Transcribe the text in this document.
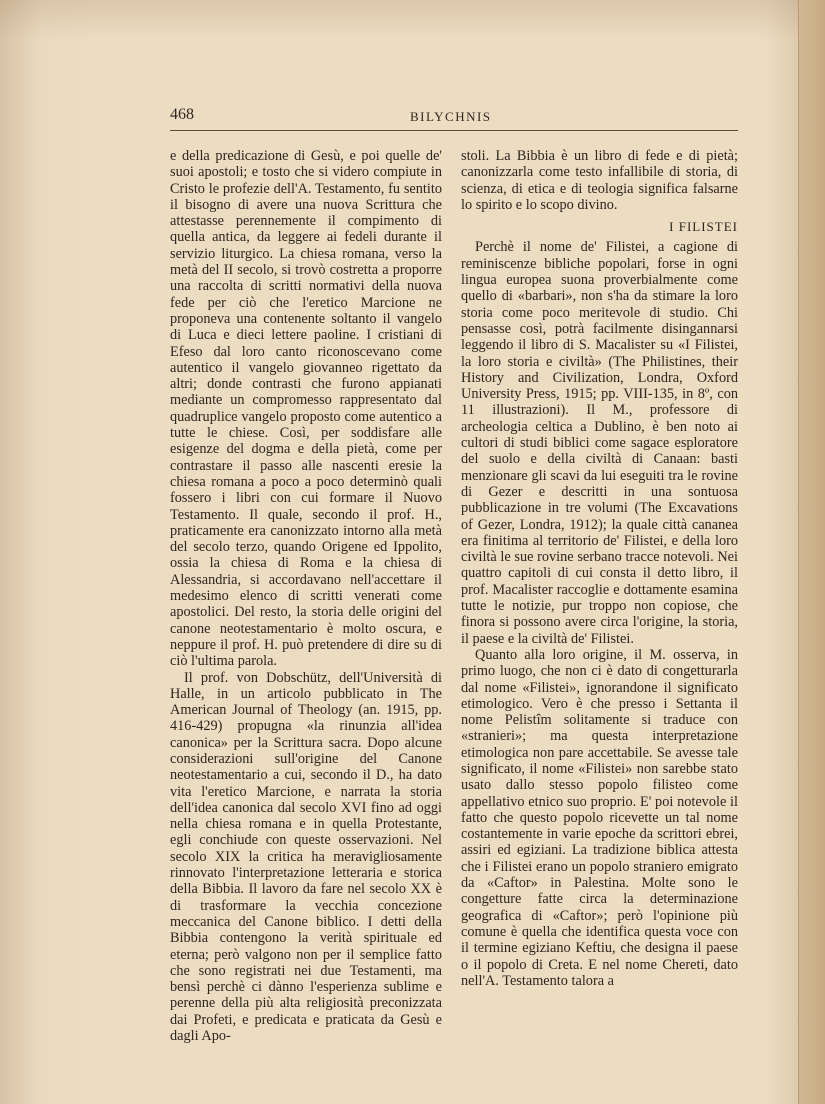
468	BILYCHNIS

e della predicazione di Gesù, e poi quelle de' suoi apostoli; e tosto che si videro compiute in Cristo le profezie dell'A. Testamento, fu sentito il bisogno di avere una nuova Scrittura che attestasse perennemente il compimento di quella antica, da leggere ai fedeli durante il servizio liturgico. La chiesa romana, verso la metà del II secolo, si trovò costretta a proporre una raccolta di scritti normativi della nuova fede per ciò che l'eretico Marcione ne proponeva una contenente soltanto il vangelo di Luca e dieci lettere paoline. I cristiani di Efeso dal loro canto riconoscevano come autentico il vangelo giovanneo rigettato da altri; donde contrasti che furono appianati mediante un compromesso rappresentato dal quadruplice vangelo proposto come autentico a tutte le chiese. Così, per soddisfare alle esigenze del dogma e della pietà, come per contrastare il passo alle nascenti eresie la chiesa romana a poco a poco determinò quali fossero i libri con cui formare il Nuovo Testamento. Il quale, secondo il prof. H., praticamente era canonizzato intorno alla metà del secolo terzo, quando Origene ed Ippolito, ossia la chiesa di Roma e la chiesa di Alessandria, si accordavano nell'accettare il medesimo elenco di scritti venerati come apostolici. Del resto, la storia delle origini del canone neotestamentario è molto oscura, e neppure il prof. H. può pretendere di dire su di ciò l'ultima parola.

Il prof. von Dobschütz, dell'Università di Halle, in un articolo pubblicato in The American Journal of Theology (an. 1915, pp. 416-429) propugna «la rinunzia all'idea canonica» per la Scrittura sacra. Dopo alcune considerazioni sull'origine del Canone neotestamentario a cui, secondo il D., ha dato vita l'eretico Marcione, e narrata la storia dell'idea canonica dal secolo XVI fino ad oggi nella chiesa romana e in quella Protestante, egli conchiude con queste osservazioni. Nel secolo XIX la critica ha meravigliosamente rinnovato l'interpretazione letteraria e storica della Bibbia. Il lavoro da fare nel secolo XX è di trasformare la vecchia concezione meccanica del Canone biblico. I detti della Bibbia contengono la verità spirituale ed eterna; però valgono non per il semplice fatto che sono registrati nei due Testamenti, ma bensì perchè ci dànno l'esperienza sublime e perenne della più alta religiosità preconizzata dai Profeti, e predicata e praticata da Gesù e dagli Apo-

stoli. La Bibbia è un libro di fede e di pietà; canonizzarla come testo infallibile di storia, di scienza, di etica e di teologia significa falsarne lo spirito e lo scopo divino.

I FILISTEI

Perchè il nome de' Filistei, a cagione di reminiscenze bibliche popolari, forse in ogni lingua europea suona proverbialmente come quello di «barbari», non s'ha da stimare la loro storia come poco meritevole di studio. Chi pensasse così, potrà facilmente disingannarsi leggendo il libro di S. Macalister su «I Filistei, la loro storia e civiltà» (The Philistines, their History and Civilization, Londra, Oxford University Press, 1915; pp. VIII-135, in 8º, con 11 illustrazioni). Il M., professore di archeologia celtica a Dublino, è ben noto ai cultori di studi biblici come sagace esploratore del suolo e della civiltà di Canaan: basti menzionare gli scavi da lui eseguiti tra le rovine di Gezer e descritti in una sontuosa pubblicazione in tre volumi (The Excavations of Gezer, Londra, 1912); la quale città cananea era finitima al territorio de' Filistei, e della loro civiltà le sue rovine serbano tracce notevoli. Nei quattro capitoli di cui consta il detto libro, il prof. Macalister raccoglie e dottamente esamina tutte le notizie, pur troppo non copiose, che finora si possono avere circa l'origine, la storia, il paese e la civiltà de' Filistei.

Quanto alla loro origine, il M. osserva, in primo luogo, che non ci è dato di congetturarla dal nome «Filistei», ignorandone il significato etimologico. Vero è che presso i Settanta il nome Pelistîm solitamente si traduce con «stranieri»; ma questa interpretazione etimologica non pare accettabile. Se avesse tale significato, il nome «Filistei» non sarebbe stato usato dallo stesso popolo filisteo come appellativo etnico suo proprio. E' poi notevole il fatto che questo popolo ricevette un tal nome costantemente in varie epoche da scrittori ebrei, assiri ed egiziani. La tradizione biblica attesta che i Filistei erano un popolo straniero emigrato da «Caftor» in Palestina. Molte sono le congetture fatte circa la determinazione geografica di «Caftor»; però l'opinione più comune è quella che identifica questa voce con il termine egiziano Keftiu, che designa il paese o il popolo di Creta. E nel nome Chereti, dato nell'A. Testamento talora a
